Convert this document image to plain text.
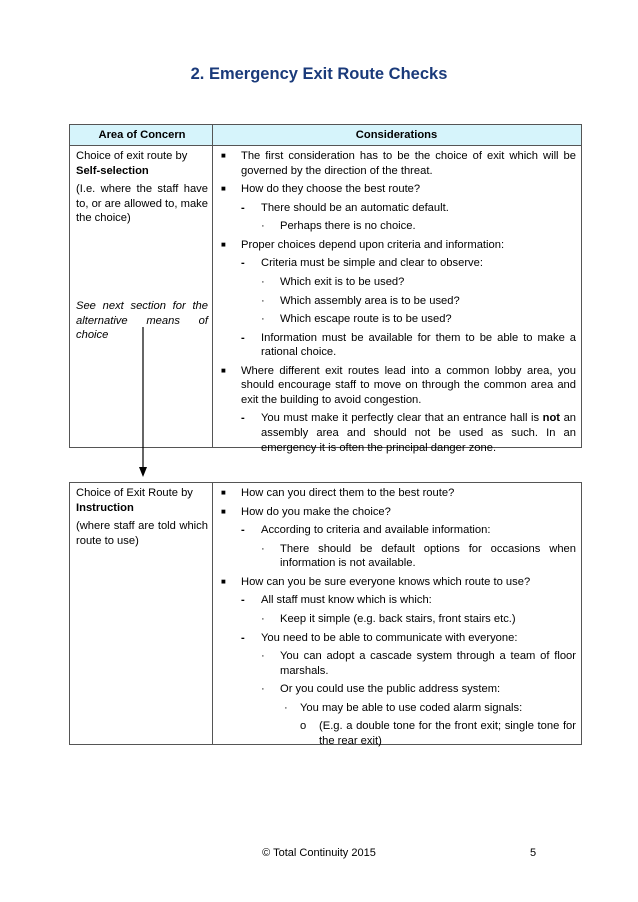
2. Emergency Exit Route Checks
Area of Concern	Considerations

Choice of exit route by
Self-selection

(I.e. where the staff have to, or are allowed to, make the choice)

See next section for the alternative means of choice

■ The first consideration has to be the choice of exit which will be governed by the direction of the threat.
■ How do they choose the best route?
- There should be an automatic default.
· Perhaps there is no choice.
■ Proper choices depend upon criteria and information:
- Criteria must be simple and clear to observe:
· Which exit is to be used?
· Which assembly area is to be used?
· Which escape route is to be used?
- Information must be available for them to be able to make a rational choice.
■ Where different exit routes lead into a common lobby area, you should encourage staff to move on through the common area and exit the building to avoid congestion.
- You must make it perfectly clear that an entrance hall is not an assembly area and should not be used as such. In an emergency it is often the principal danger zone.

Choice of Exit Route by
Instruction

(where staff are told which route to use)

■ How can you direct them to the best route?
■ How do you make the choice?
- According to criteria and available information:
· There should be default options for occasions when information is not available.
■ How can you be sure everyone knows which route to use?
- All staff must know which is which:
· Keep it simple (e.g. back stairs, front stairs etc.)
- You need to be able to communicate with everyone:
· You can adopt a cascade system through a team of floor marshals.
· Or you could use the public address system:
· You may be able to use coded alarm signals:
o (E.g. a double tone for the front exit; single tone for the rear exit)
© Total Continuity 2015	5
